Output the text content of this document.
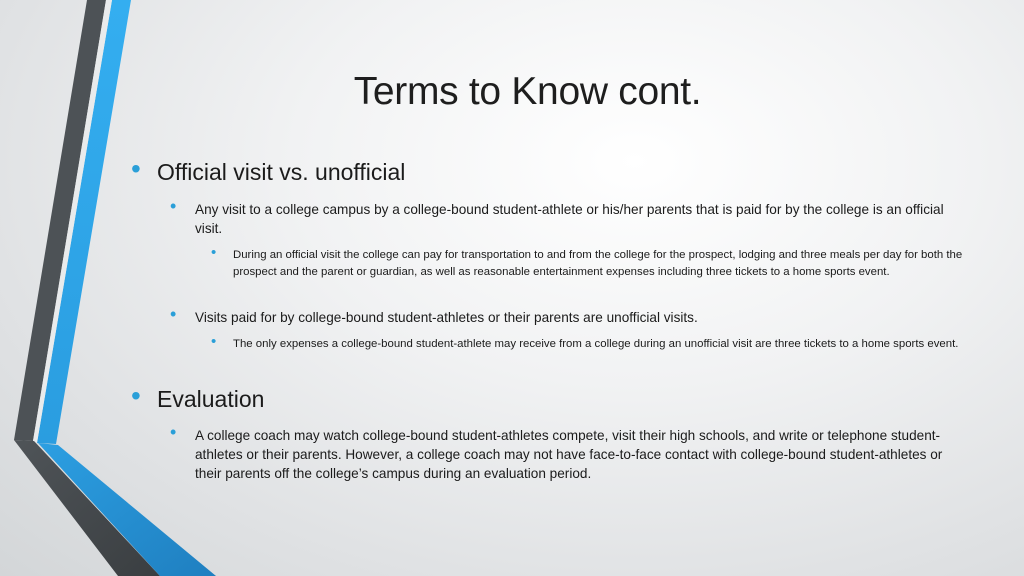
Terms to Know cont.
• Official visit vs. unofficial
• Any visit to a college campus by a college-bound student-athlete or his/her parents that is paid for by the college is an official visit.
• During an official visit the college can pay for transportation to and from the college for the prospect, lodging and three meals per day for both the prospect and the parent or guardian, as well as reasonable entertainment expenses including three tickets to a home sports event.
• Visits paid for by college-bound student-athletes or their parents are unofficial visits.
• The only expenses a college-bound student-athlete may receive from a college during an unofficial visit are three tickets to a home sports event.
• Evaluation
• A college coach may watch college-bound student-athletes compete, visit their high schools, and write or telephone student-athletes or their parents. However, a college coach may not have face-to-face contact with college-bound student-athletes or their parents off the college’s campus during an evaluation period.
